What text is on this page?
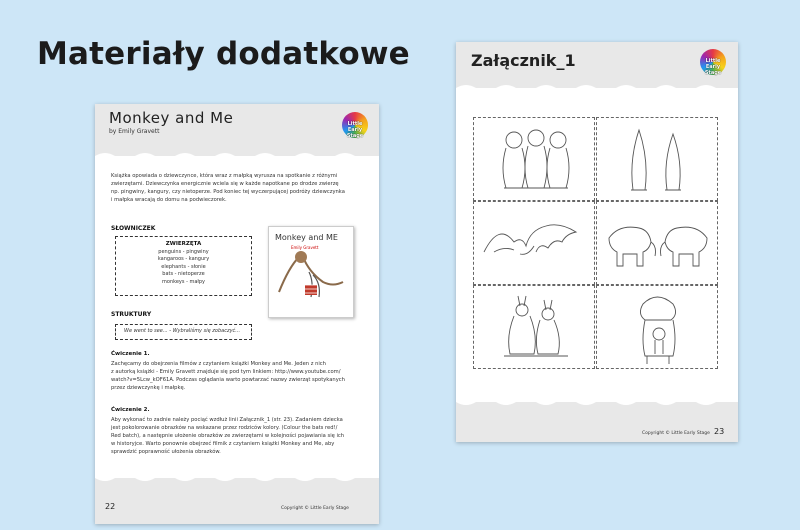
Materiały dodatkowe
Monkey and Me
by Emily Gravett
Little Early Stage
Książka opowiada o dziewczynce, która wraz z małpką wyrusza na spotkanie z różnymi
zwierzętami. Dziewczynka energicznie wciela się w każde napotkane po drodze zwierzę
np. pingwiny, kangury, czy nietoperze. Pod koniec tej wyczerpującej podróży dziewczynka
i małpka wracają do domu na podwieczorek.
SŁOWNICZEK
ZWIERZĘTA
penguins - pingwiny
kangaroos - kangury
elephants - słonie
bats - nietoperze
monkeys - małpy
Monkey and ME
Emily Gravett
STRUKTURY
We went to see... - Wybraliśmy się zobaczyć...
Ćwiczenie 1.
Zachęcamy do obejrzenia filmów z czytaniem książki Monkey and Me. Jeden z nich
z autorką książki - Emily Gravett znajduje się pod tym linkiem: http://www.youtube.com/
watch?v=5Lcw_kOF61A. Podczas oglądania warto powtarzać nazwy zwierząt spotykanych
przez dziewczynkę i małpkę.
Ćwiczenie 2.
Aby wykonać to zadnie należy pociąć wzdłuż linii Załącznik_1 (str. 23). Zadaniem dziecka
jest pokolorowanie obrazków na wskazane przez rodziców kolory. (Colour the bats red!/
Red batch), a następnie ułożenie obrazków ze zwierzętami w kolejności pojawiania się ich
w historyjce. Warto ponownie obejrzeć filmik z czytaniem książki Monkey and Me, aby
sprawdzić poprawność ułożenia obrazków.
22	Copyright © Little Early Stage
Załącznik_1	Little Early Stage
Copyright © Little Early Stage 23
